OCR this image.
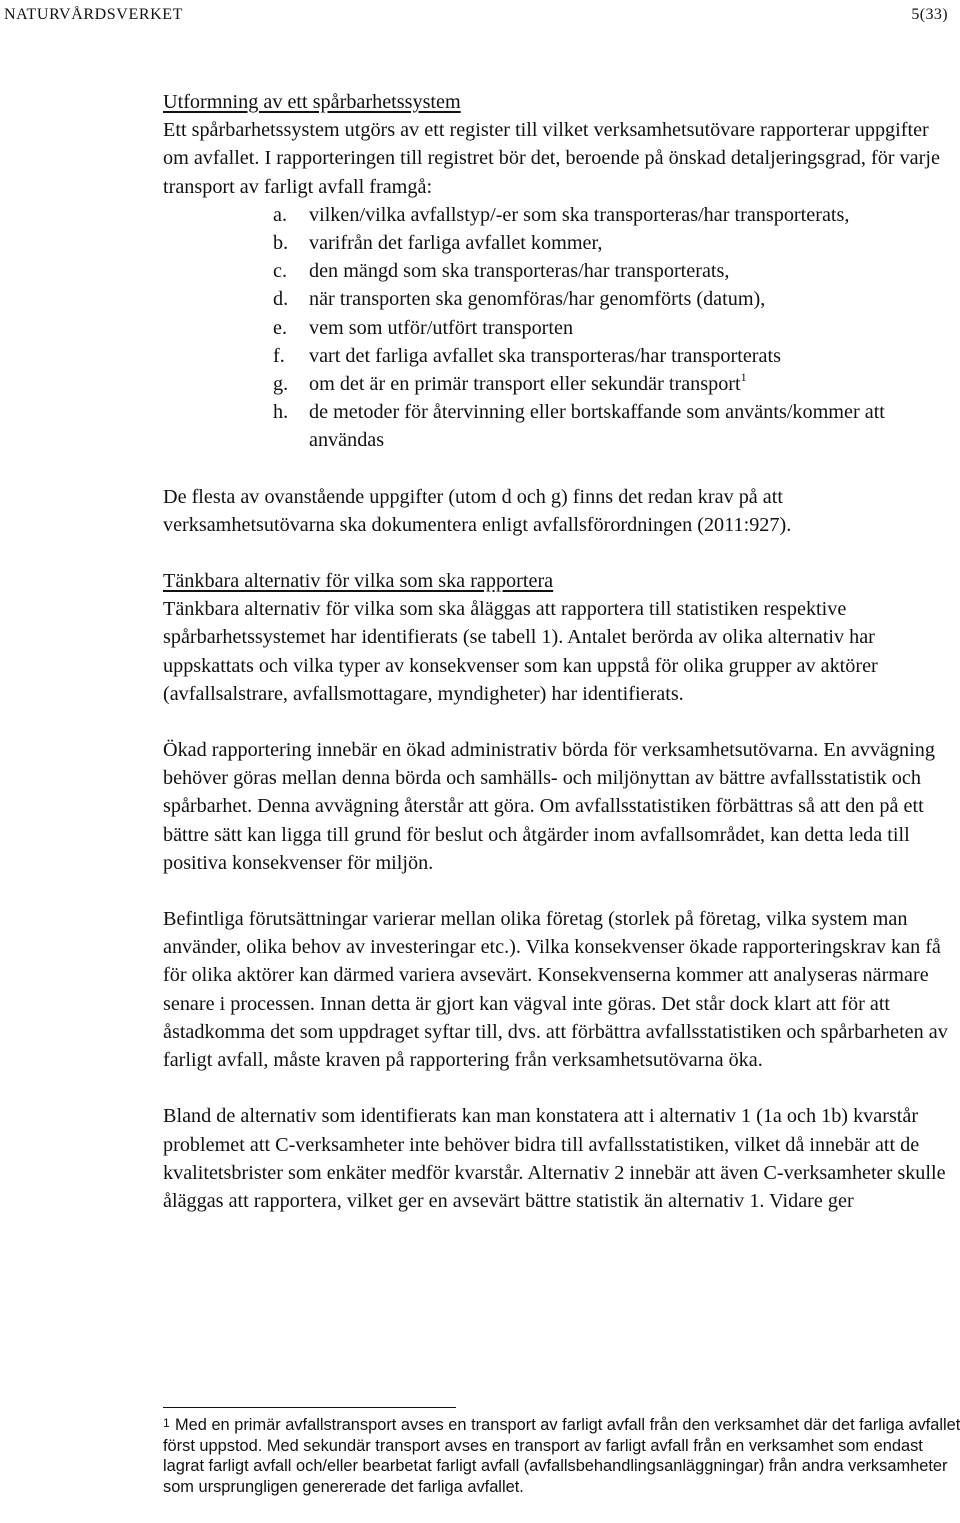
NATURVÅRDSVERKET	5(33)
Utformning av ett spårbarhetssystem

Ett spårbarhetssystem utgörs av ett register till vilket verksamhetsutövare rapporterar uppgifter om avfallet. I rapporteringen till registret bör det, beroende på önskad detaljeringsgrad, för varje transport av farligt avfall framgå:

a. vilken/vilka avfallstyp/-er som ska transporteras/har transporterats,
b. varifrån det farliga avfallet kommer,
c. den mängd som ska transporteras/har transporterats,
d. när transporten ska genomföras/har genomförts (datum),
e. vem som utför/utfört transporten
f. vart det farliga avfallet ska transporteras/har transporterats
g. om det är en primär transport eller sekundär transport$^1$
h. de metoder för återvinning eller bortskaffande som använts/kommer att användas

De flesta av ovanstående uppgifter (utom d och g) finns det redan krav på att verksamhetsutövarna ska dokumentera enligt avfallsförordningen (2011:927).

Tänkbara alternativ för vilka som ska rapportera

Tänkbara alternativ för vilka som ska åläggas att rapportera till statistiken respektive spårbarhetssystemet har identifierats (se tabell 1). Antalet berörda av olika alternativ har uppskattats och vilka typer av konsekvenser som kan uppstå för olika grupper av aktörer (avfallsalstrare, avfallsmottagare, myndigheter) har identifierats.

Ökad rapportering innebär en ökad administrativ börda för verksamhetsutövarna. En avvägning behöver göras mellan denna börda och samhälls- och miljönyttan av bättre avfallsstatistik och spårbarhet. Denna avvägning återstår att göra. Om avfallsstatistiken förbättras så att den på ett bättre sätt kan ligga till grund för beslut och åtgärder inom avfallsområdet, kan detta leda till positiva konsekvenser för miljön.

Befintliga förutsättningar varierar mellan olika företag (storlek på företag, vilka system man använder, olika behov av investeringar etc.). Vilka konsekvenser ökade rapporteringskrav kan få för olika aktörer kan därmed variera avsevärt. Konsekvenserna kommer att analyseras närmare senare i processen. Innan detta är gjort kan vägval inte göras. Det står dock klart att för att åstadkomma det som uppdraget syftar till, dvs. att förbättra avfallsstatistiken och spårbarheten av farligt avfall, måste kraven på rapportering från verksamhetsutövarna öka.

Bland de alternativ som identifierats kan man konstatera att i alternativ 1 (1a och 1b) kvarstår problemet att C-verksamheter inte behöver bidra till avfallsstatistiken, vilket då innebär att de kvalitetsbrister som enkäter medför kvarstår. Alternativ 2 innebär att även C-verksamheter skulle åläggas att rapportera, vilket ger en avsevärt bättre statistik än alternativ 1. Vidare ger

1 Med en primär avfallstransport avses en transport av farligt avfall från den verksamhet där det farliga avfallet först uppstod. Med sekundär transport avses en transport av farligt avfall från en verksamhet som endast lagrat farligt avfall och/eller bearbetat farligt avfall (avfallsbehandlingsanläggningar) från andra verksamheter som ursprungligen genererade det farliga avfallet.
